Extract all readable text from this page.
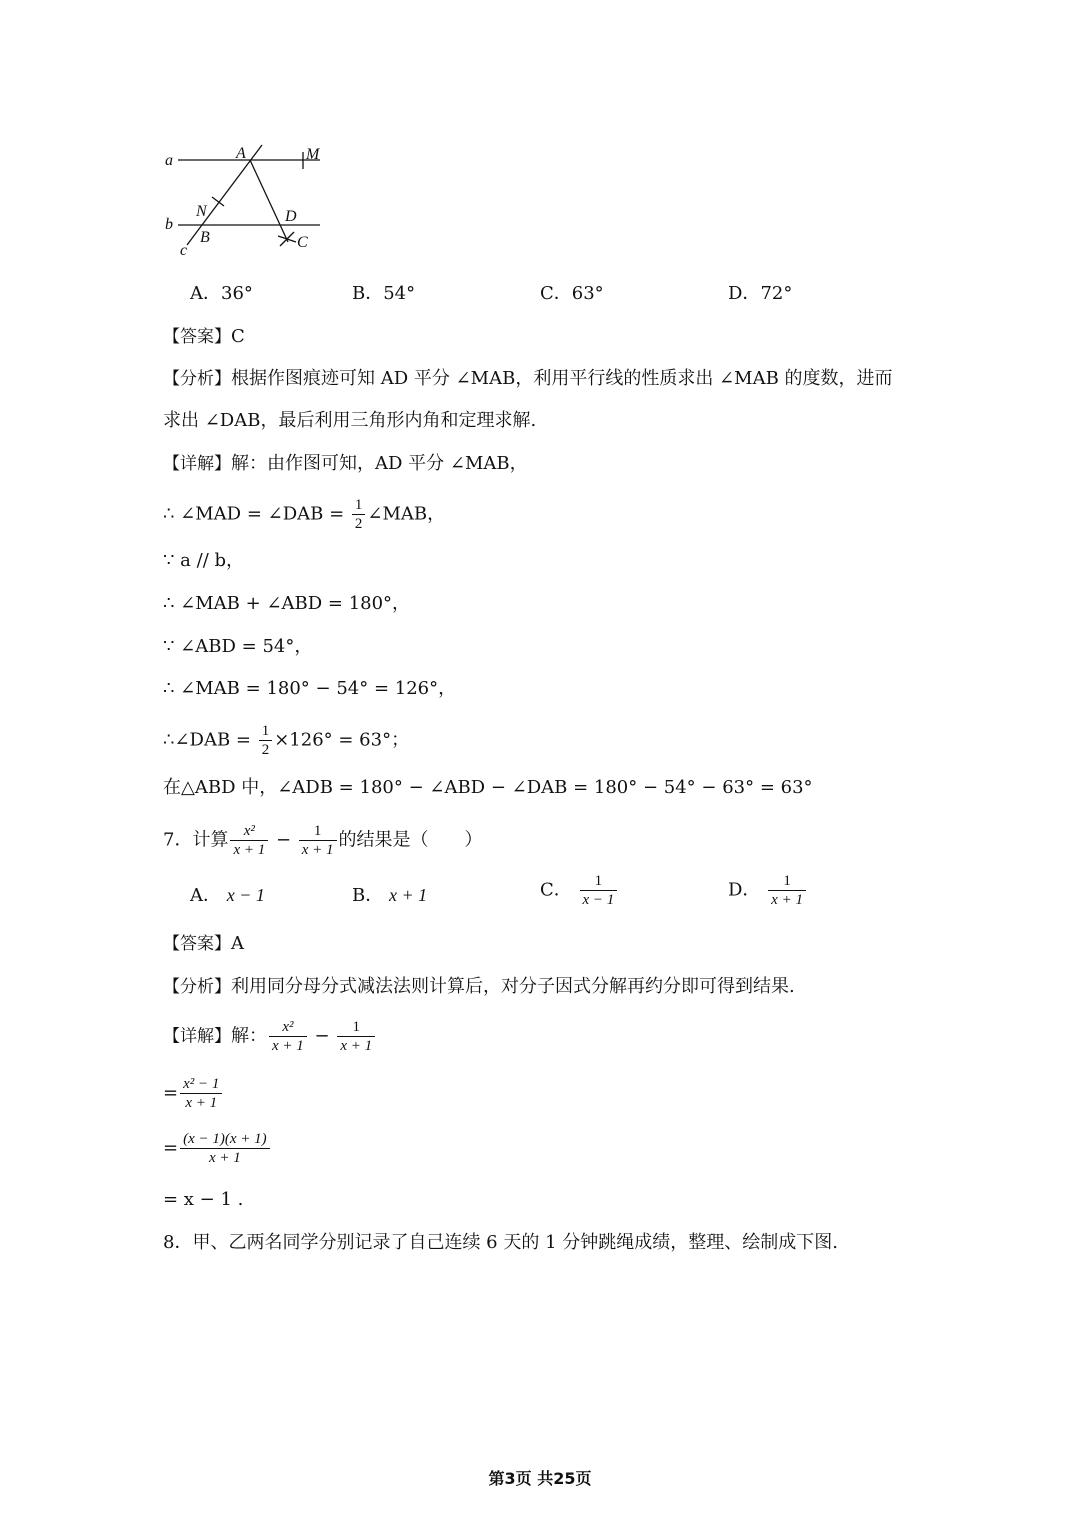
a
b
c
A	M
N
B
D
C
A．36°	B．54°	C．63°	D．72°
【答案】C
【分析】根据作图痕迹可知 AD 平分 ∠MAB，利用平行线的性质求出 ∠MAB 的度数，进而
求出 ∠DAB，最后利用三角形内角和定理求解.
【详解】解：由作图可知，AD 平分 ∠MAB，
∴ ∠MAD = ∠DAB = $\frac{1}{2}$ ∠MAB，
∵ a // b，
∴ ∠MAB + ∠ABD = 180°，
∵ ∠ABD = 54°，
∴ ∠MAB = 180° − 54° = 126°，
∴∠DAB = $\frac{1}{2} \times 126^\circ = 63^\circ$；
在△ABD 中，∠ADB = 180° − ∠ABD − ∠DAB = 180° − 54° − 63° = 63°
7．计算 $\frac{\text{x²}}{x + 1} - \frac{1}{x + 1}$ 的结果是（　　）
A． x − 1	B． x + 1	C． $\frac{1}{x - 1}$	D． $\frac{1}{x + 1}$
【答案】A
【分析】利用同分母分式减法法则计算后，对分子因式分解再约分即可得到结果.
【详解】解： $\frac{\text{x²}}{x + 1} - \frac{1}{x + 1}$
= $\frac{\text{x² − 1}}{x + 1}$
= $\frac{(x - 1)(x + 1)}{x + 1}$
= x − 1 .
8．甲、乙两名同学分别记录了自己连续 6 天的 1 分钟跳绳成绩，整理、绘制成下图.
第3页 共25页
